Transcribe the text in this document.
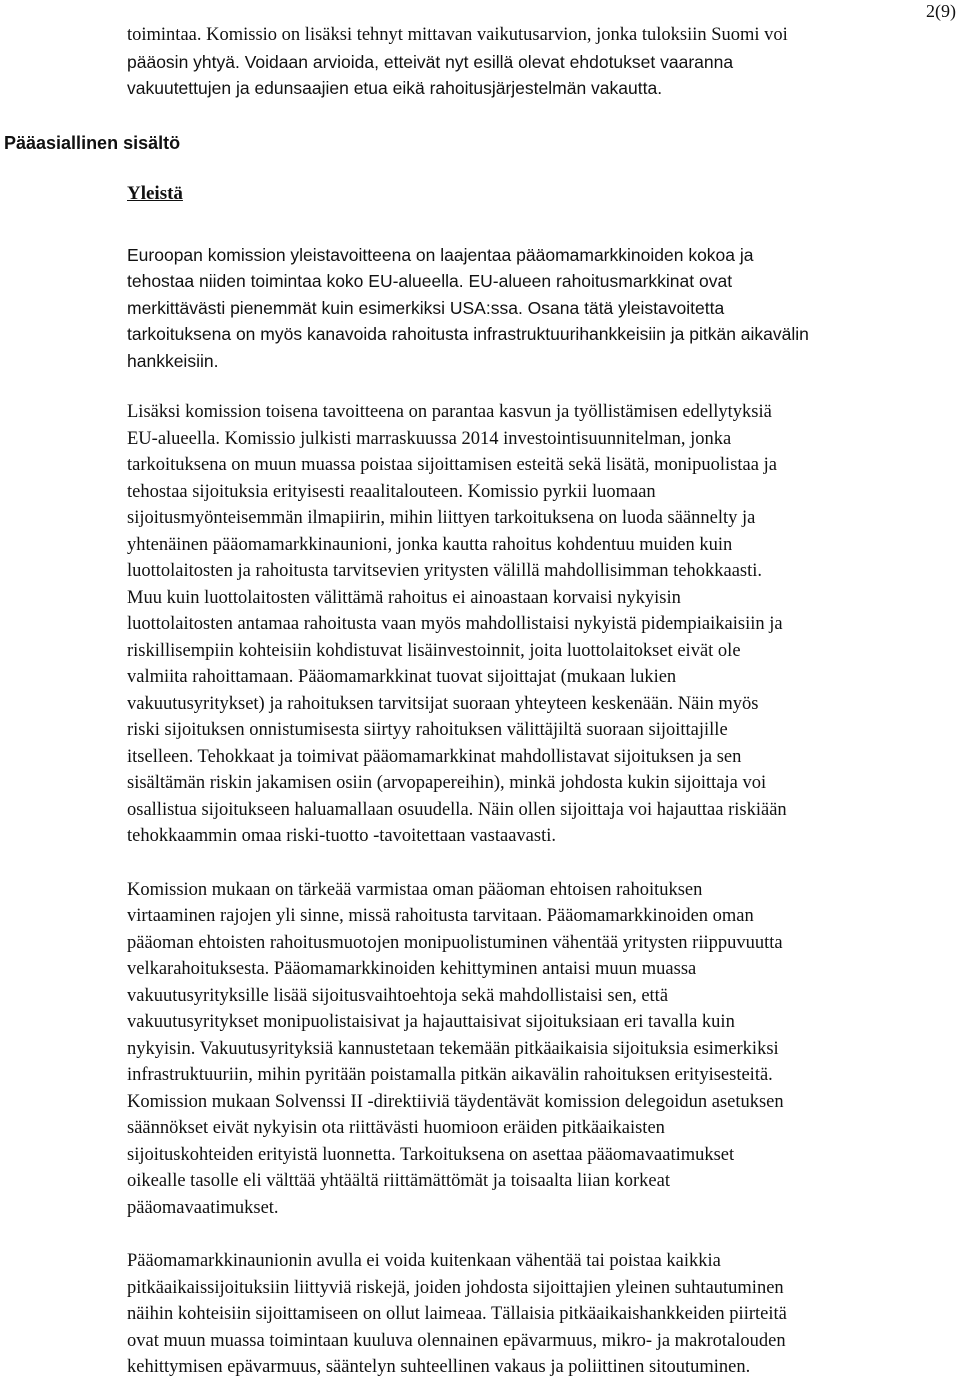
2(9)
Pääasiallinen sisältö

toimintaa. Komissio on lisäksi tehnyt mittavan vaikutusarvion, jonka tuloksiin Suomi voi
pääosin yhtyä. Voidaan arvioida, etteivät nyt esillä olevat ehdotukset vaaranna
vakuutettujen ja edunsaajien etua eikä rahoitusjärjestelmän vakautta.

Yleistä

Euroopan komission yleistavoitteena on laajentaa pääomamarkkinoiden kokoa ja
tehostaa niiden toimintaa koko EU-alueella. EU-alueen rahoitusmarkkinat ovat
merkittävästi pienemmät kuin esimerkiksi USA:ssa. Osana tätä yleistavoitetta
tarkoituksena on myös kanavoida rahoitusta infrastruktuurihankkeisiin ja pitkän aikavälin
hankkeisiin.

Lisäksi komission toisena tavoitteena on parantaa kasvun ja työllistämisen edellytyksiä
EU-alueella. Komissio julkisti marraskuussa 2014 investointisuunnitelman, jonka
tarkoituksena on muun muassa poistaa sijoittamisen esteitä sekä lisätä, monipuolistaa ja
tehostaa sijoituksia erityisesti reaalitalouteen. Komissio pyrkii luomaan
sijoitusmyönteisemmän ilmapiirin, mihin liittyen tarkoituksena on luoda säännelty ja
yhtenäinen pääomamarkkinaunioni, jonka kautta rahoitus kohdentuu muiden kuin
luottolaitosten ja rahoitusta tarvitsevien yritysten välillä mahdollisimman tehokkaasti.
Muu kuin luottolaitosten välittämä rahoitus ei ainoastaan korvaisi nykyisin
luottolaitosten antamaa rahoitusta vaan myös mahdollistaisi nykyistä pidempiaikaisiin ja
riskillisempiin kohteisiin kohdistuvat lisäinvestoinnit, joita luottolaitokset eivät ole
valmiita rahoittamaan. Pääomamarkkinat tuovat sijoittajat (mukaan lukien
vakuutusyritykset) ja rahoituksen tarvitsijat suoraan yhteyteen keskenään. Näin myös
riski sijoituksen onnistumisesta siirtyy rahoituksen välittäjiltä suoraan sijoittajille
itselleen. Tehokkaat ja toimivat pääomamarkkinat mahdollistavat sijoituksen ja sen
sisältämän riskin jakamisen osiin (arvopapereihin), minkä johdosta kukin sijoittaja voi
osallistua sijoitukseen haluamallaan osuudella. Näin ollen sijoittaja voi hajauttaa riskiään
tehokkaammin omaa riski-tuotto -tavoitettaan vastaavasti.

Komission mukaan on tärkeää varmistaa oman pääoman ehtoisen rahoituksen
virtaaminen rajojen yli sinne, missä rahoitusta tarvitaan. Pääomamarkkinoiden oman
pääoman ehtoisten rahoitusmuotojen monipuolistuminen vähentää yritysten riippuvuutta
velkarahoituksesta. Pääomamarkkinoiden kehittyminen antaisi muun muassa
vakuutusyrityksille lisää sijoitusvaihtoehtoja sekä mahdollistaisi sen, että
vakuutusyritykset monipuolistaisivat ja hajauttaisivat sijoituksiaan eri tavalla kuin
nykyisin. Vakuutusyrityksiä kannustetaan tekemään pitkäaikaisia sijoituksia esimerkiksi
infrastruktuuriin, mihin pyritään poistamalla pitkän aikavälin rahoituksen erityisesteitä.
Komission mukaan Solvenssi II -direktiiviä täydentävät komission delegoidun asetuksen
säännökset eivät nykyisin ota riittävästi huomioon eräiden pitkäaikaisten
sijoituskohteiden erityistä luonnetta. Tarkoituksena on asettaa pääomavaatimukset
oikealle tasolle eli välttää yhtäältä riittämättömät ja toisaalta liian korkeat
pääomavaatimukset.

Pääomamarkkinaunionin avulla ei voida kuitenkaan vähentää tai poistaa kaikkia
pitkäaikaissijoituksiin liittyviä riskejä, joiden johdosta sijoittajien yleinen suhtautuminen
näihin kohteisiin sijoittamiseen on ollut laimeaa. Tällaisia pitkäaikaishankkeiden piirteitä
ovat muun muassa toimintaan kuuluva olennainen epävarmuus, mikro- ja makrotalouden
kehittymisen epävarmuus, sääntelyn suhteellinen vakaus ja poliittinen sitoutuminen.
